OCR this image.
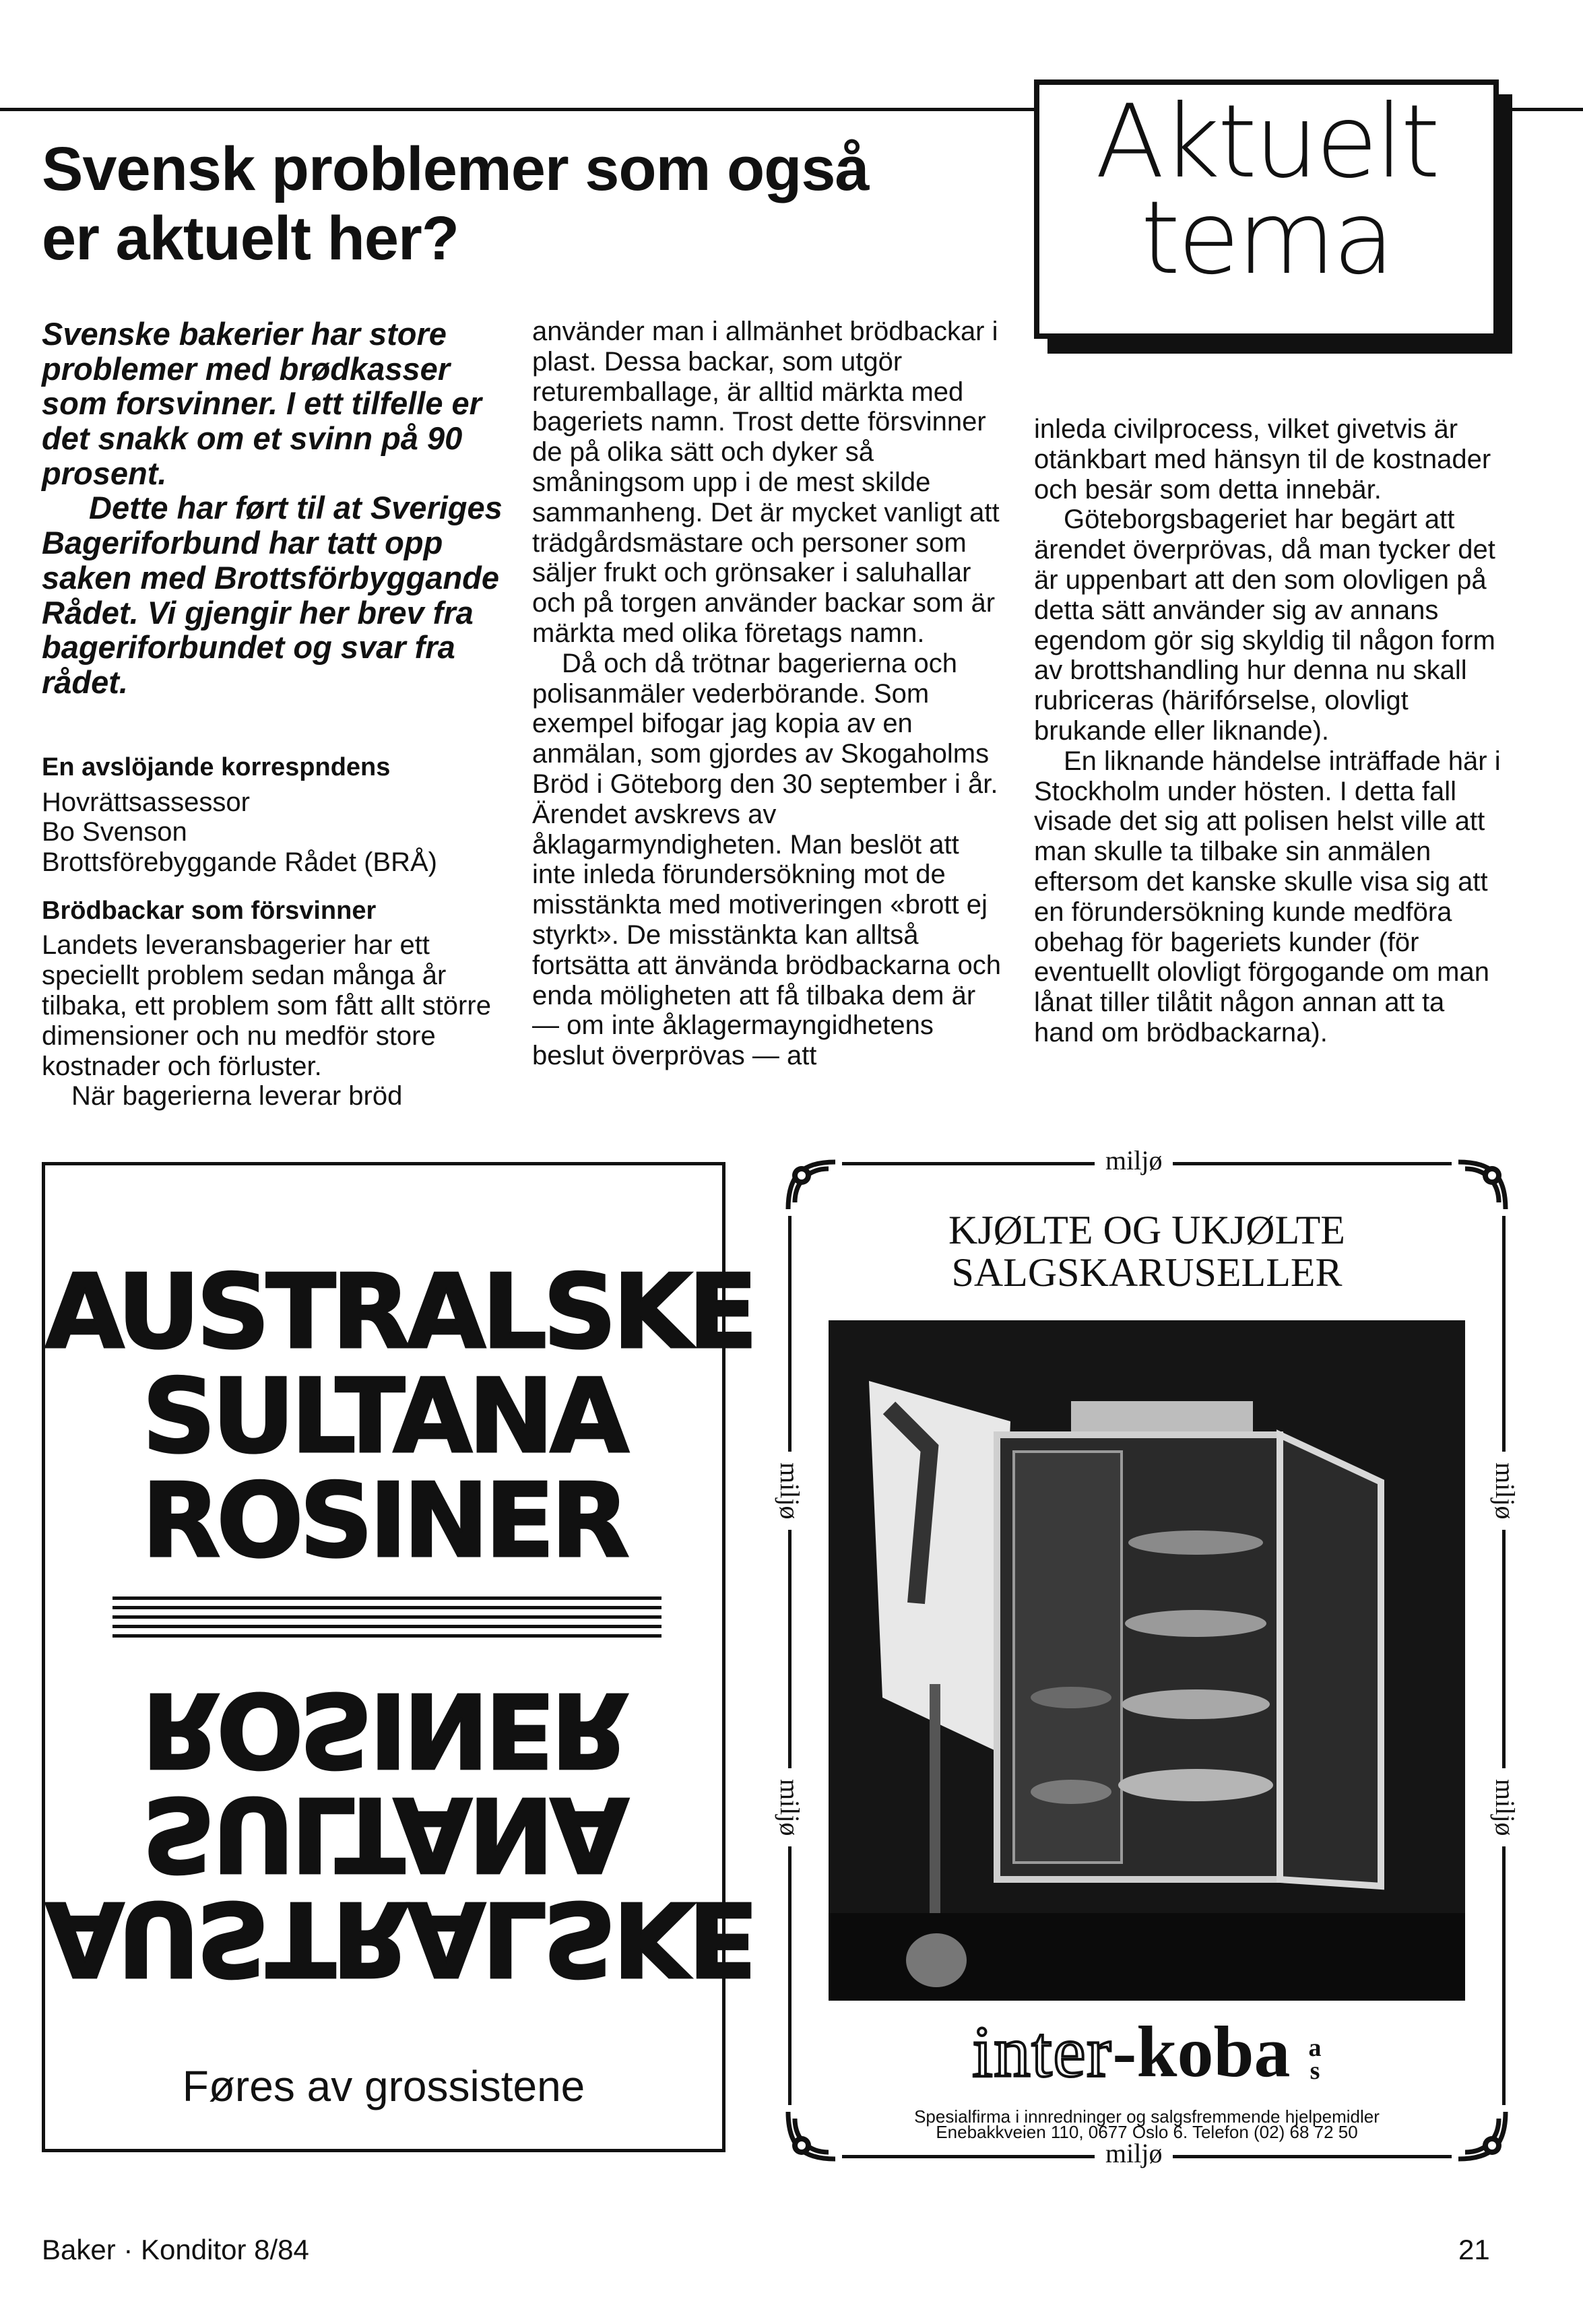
Svensk problemer som også
er aktuelt her?
Aktuelt
tema

Svenske bakerier har store problemer med brødkasser som forsvinner. I ett tilfelle er det snakk om et svinn på 90 prosent.

Dette har ført til at Sveriges Bageriforbund har tatt opp saken med Brottsförbyggande Rådet. Vi gjengir her brev fra bageriforbundet og svar fra rådet.

En avslöjande korrespndens

Hovrättsassessor

Bo Svenson

Brottsförebyggande Rådet (BRÅ)

Brödbackar som försvinner

Landets leveransbagerier har ett speciellt problem sedan många år tilbaka, ett problem som fått allt större dimensioner och nu medför store kostnader och förluster.

När bagerierna leverar bröd

använder man i allmänhet brödbackar i plast. Dessa backar, som utgör returemballage, är alltid märkta med bageriets namn. Trost dette försvinner de på olika sätt och dyker så småningsom upp i de mest skilde sammanheng. Det är mycket vanligt att trädgårdsmästare och personer som säljer frukt och grönsaker i saluhallar och på torgen använder backar som är märkta med olika företags namn.

Då och då trötnar bagerierna och polisanmäler vederbörande. Som exempel bifogar jag kopia av en anmälan, som gjordes av Skogaholms Bröd i Göteborg den 30 september i år. Ärendet avskrevs av åklagarmyndigheten. Man beslöt att inte inleda förundersökning mot de misstänkta med motiveringen «brott ej styrkt». De misstänkta kan alltså fortsätta att änvända brödbackarna och enda möligheten att få tilbaka dem är — om inte åklagermayngidhetens beslut överprövas — att

inleda civilprocess, vilket givetvis är otänkbart med hänsyn til de kostnader och besär som detta innebär.

Göteborgsbageriet har begärt att ärendet överprövas, då man tycker det är uppenbart att den som olovligen på detta sätt använder sig av annans egendom gör sig skyldig til någon form av brottshandling hur denna nu skall rubriceras (härifórselse, olovligt brukande eller liknande).

En liknande händelse inträffade här i Stockholm under hösten. I detta fall visade det sig att polisen helst ville att man skulle ta tilbake sin anmälen eftersom det kanske skulle visa sig att en förundersökning kunde medföra obehag för bageriets kunder (för eventuellt olovligt förgogande om man lånat tiller tilåtit någon annan att ta hand om brödbackarna).

AUSTRALSKE
SULTANA
ROSINER
AUSTRALSKE
SULTANA
ROSINER
Føres av grossistene
miljø
miljø
miljø
miljø
miljø
miljø
KJØLTE OG UKJØLTE
SALGSKARUSELLER
inter-koba a
s
Spesialfirma i innredninger og salgsfremmende hjelpemidler
Enebakkveien 110, 0677 Oslo 6. Telefon (02) 68 72 50
Baker · Konditor 8/84	21
